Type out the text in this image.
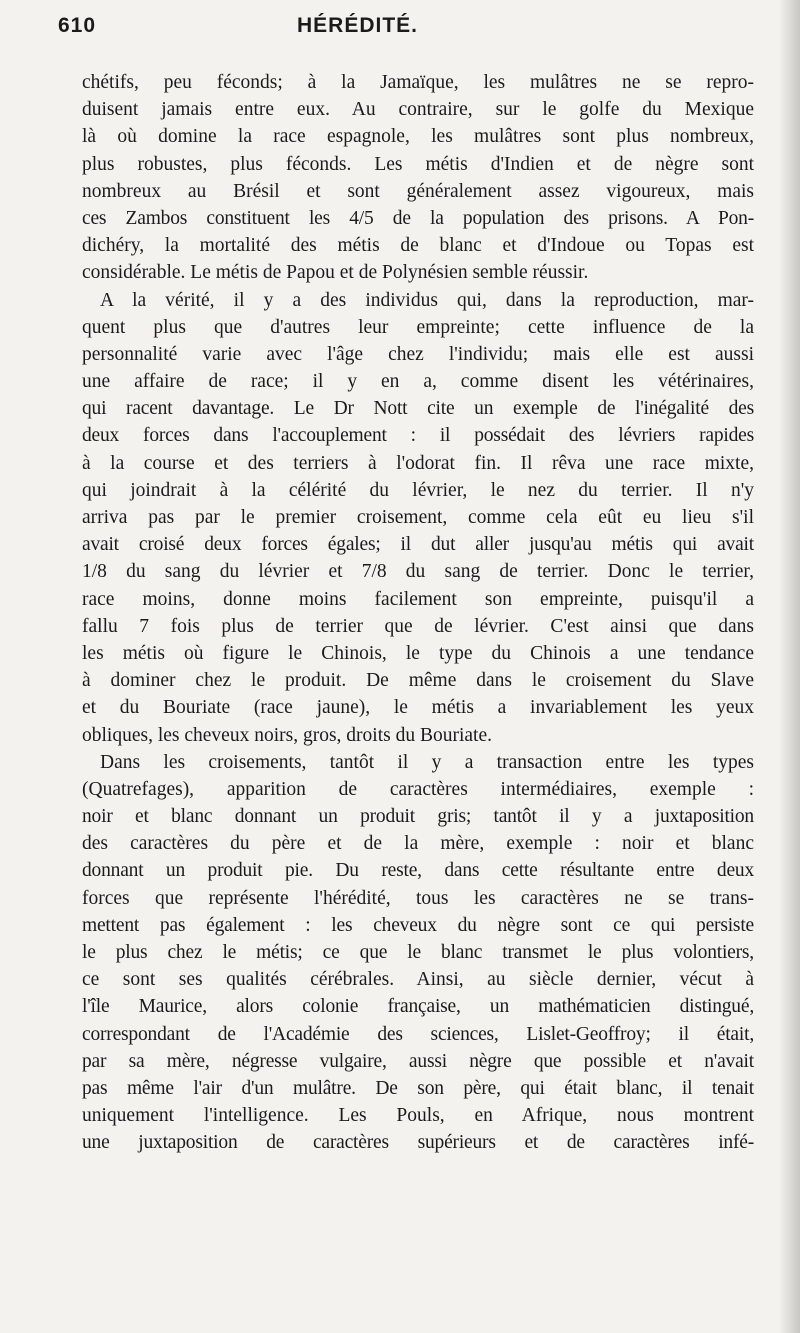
610	HÉRÉDITÉ.
chétifs, peu féconds; à la Jamaïque, les mulâtres ne se repro-
duisent jamais entre eux. Au contraire, sur le golfe du Mexique
là où domine la race espagnole, les mulâtres sont plus nombreux,
plus robustes, plus féconds. Les métis d'Indien et de nègre sont
nombreux au Brésil et sont généralement assez vigoureux, mais
ces Zambos constituent les 4/5 de la population des prisons. A Pon-
dichéry, la mortalité des métis de blanc et d'Indoue ou Topas est
considérable. Le métis de Papou et de Polynésien semble réussir.
A la vérité, il y a des individus qui, dans la reproduction, mar-
quent plus que d'autres leur empreinte; cette influence de la
personnalité varie avec l'âge chez l'individu; mais elle est aussi
une affaire de race; il y en a, comme disent les vétérinaires,
qui racent davantage. Le Dr Nott cite un exemple de l'inégalité des
deux forces dans l'accouplement : il possédait des lévriers rapides
à la course et des terriers à l'odorat fin. Il rêva une race mixte,
qui joindrait à la célérité du lévrier, le nez du terrier. Il n'y
arriva pas par le premier croisement, comme cela eût eu lieu s'il
avait croisé deux forces égales; il dut aller jusqu'au métis qui avait
1/8 du sang du lévrier et 7/8 du sang de terrier. Donc le terrier,
race moins, donne moins facilement son empreinte, puisqu'il a
fallu 7 fois plus de terrier que de lévrier. C'est ainsi que dans
les métis où figure le Chinois, le type du Chinois a une tendance
à dominer chez le produit. De même dans le croisement du Slave
et du Bouriate (race jaune), le métis a invariablement les yeux
obliques, les cheveux noirs, gros, droits du Bouriate.
Dans les croisements, tantôt il y a transaction entre les types
(Quatrefages), apparition de caractères intermédiaires, exemple :
noir et blanc donnant un produit gris; tantôt il y a juxtaposition
des caractères du père et de la mère, exemple : noir et blanc
donnant un produit pie. Du reste, dans cette résultante entre deux
forces que représente l'hérédité, tous les caractères ne se trans-
mettent pas également : les cheveux du nègre sont ce qui persiste
le plus chez le métis; ce que le blanc transmet le plus volontiers,
ce sont ses qualités cérébrales. Ainsi, au siècle dernier, vécut à
l'île Maurice, alors colonie française, un mathématicien distingué,
correspondant de l'Académie des sciences, Lislet-Geoffroy; il était,
par sa mère, négresse vulgaire, aussi nègre que possible et n'avait
pas même l'air d'un mulâtre. De son père, qui était blanc, il tenait
uniquement l'intelligence. Les Pouls, en Afrique, nous montrent
une juxtaposition de caractères supérieurs et de caractères infé-
